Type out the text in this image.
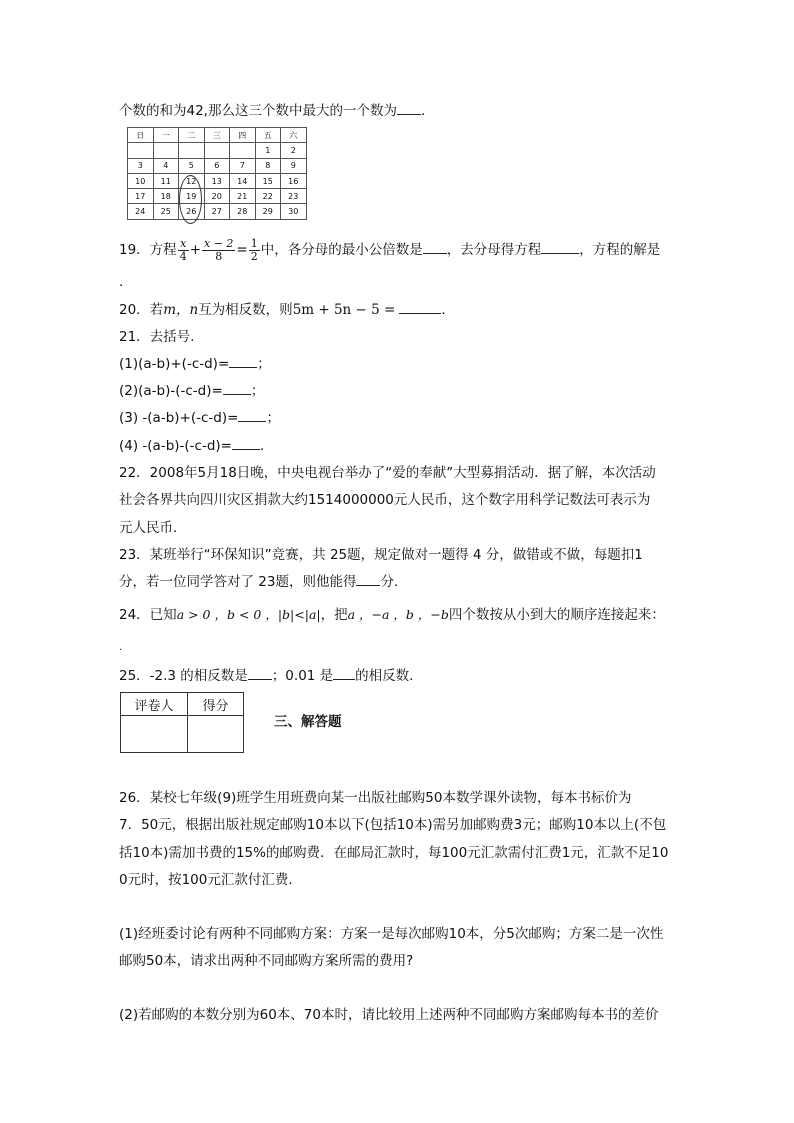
个数的和为42,那么这三个数中最大的一个数为 ．
日	一	二	三	四	五	六
					1	2
3	4	5	6	7	8	9
10	11	12	13	14	15	16
17	18	19	20	21	22	23
24	25	26	27	28	29	30
19．方程 $\frac{x}{4} + \frac{x - 2}{8} = \frac{1}{2}$ 中，各分母的最小公倍数是 ，去分母得方程	，方程的解是
.
20．若m，n互为相反数，则5m + 5n − 5 =	．
21．去括号.
(1)(a-b)+(-c-d)= ；
(2)(a-b)-(-c-d)= ；
(3) -(a-b)+(-c-d)= ；
(4) -(a-b)-(-c-d)= ．
22．2008年5月18日晚，中央电视台举办了“爱的奉献”大型募捐活动．据了解，本次活动
社会各界共向四川灾区捐款大约1514000000元人民币，这个数字用科学记数法可表示为
元人民币．
23．某班举行“环保知识”竞赛，共 25题，规定做对一题得 4 分，做错或不做，每题扣1
分，若一位同学答对了 23题，则他能得 分.
24．已知a > 0 ，b < 0 ，|b|<|a|，把a ，−a ，b ，−b四个数按从小到大的顺序连接起来：
.
25．-2.3 的相反数是 ；0.01 是 的相反数.
评卷人	得分

三、解答题
26．某校七年级(9)班学生用班费向某一出版社邮购50本数学课外读物，每本书标价为
7．50元，根据出版社规定邮购10本以下(包括10本)需另加邮购费3元；邮购10本以上(不包
括10本)需加书费的15%的邮购费．在邮局汇款时，每100元汇款需付汇费1元，汇款不足10
0元时，按100元汇款付汇费．
(1)经班委讨论有两种不同邮购方案：方案一是每次邮购10本，分5次邮购；方案二是一次性
邮购50本，请求出两种不同邮购方案所需的费用?
(2)若邮购的本数分别为60本、70本时，请比较用上述两种不同邮购方案邮购每本书的差价
